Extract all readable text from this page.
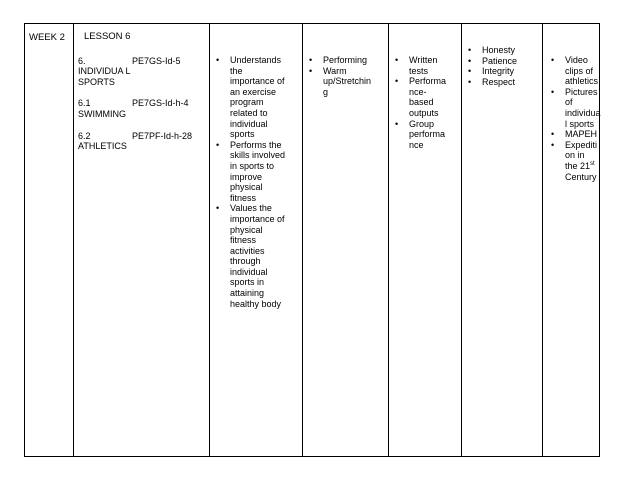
WEEK 2	LESSON 6
6. INDIVIDUA L SPORTS
PE7GS-Id-5
6.1 SWIMMING
PE7GS-Id-h-4
6.2 ATHLETICS
PE7PF-Id-h-28

• Understands the importance of an exercise program related to individual sports
• Performs the skills involved in sports to improve physical fitness
• Values the importance of physical fitness activities through individual sports in attaining healthy body

• Performing
• Warm up/Stretchin g

• Written tests
• Performa nce- based outputs
• Group performa nce

• Honesty
• Patience
• Integrity
• Respect

• Video clips of athletics
• Pictures of individua l sports
• MAPEH
• Expediti on in the 21st Century
